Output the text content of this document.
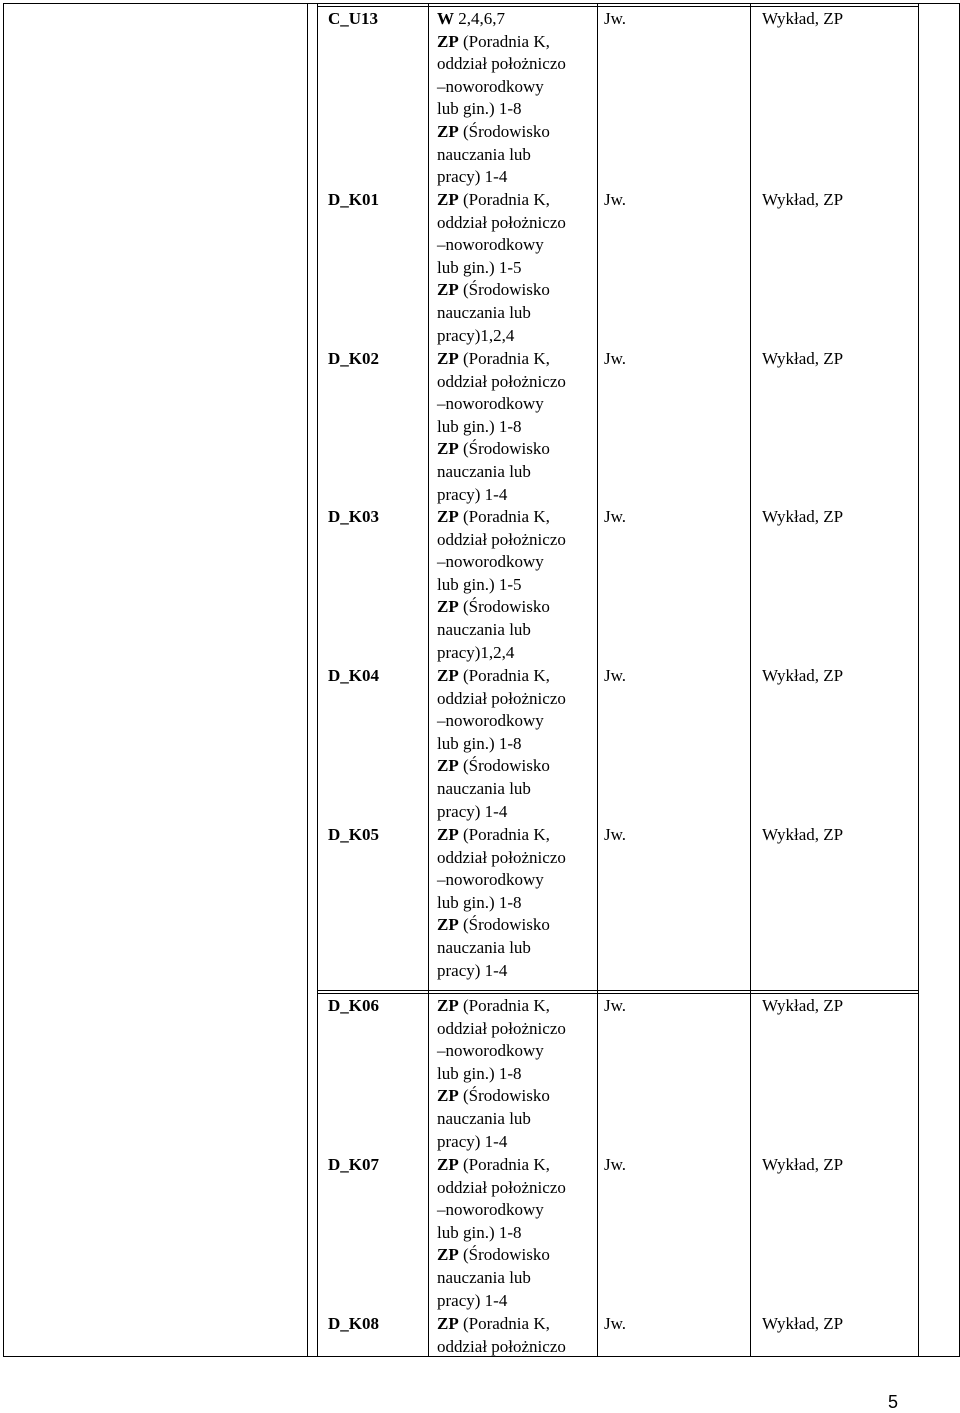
C_U13	W 2,4,6,7
ZP (Poradnia K,
oddział położniczo
–noworodkowy
lub gin.) 1-8
ZP (Środowisko
nauczania lub
pracy) 1-4
Jw.	Wykład, ZP
D_K01	ZP (Poradnia K,
oddział położniczo
–noworodkowy
lub gin.) 1-5
ZP (Środowisko
nauczania lub
pracy)1,2,4
Jw.	Wykład, ZP
D_K02	ZP (Poradnia K,
oddział położniczo
–noworodkowy
lub gin.) 1-8
ZP (Środowisko
nauczania lub
pracy) 1-4
Jw.	Wykład, ZP
D_K03	ZP (Poradnia K,
oddział położniczo
–noworodkowy
lub gin.) 1-5
ZP (Środowisko
nauczania lub
pracy)1,2,4
Jw.	Wykład, ZP
D_K04	ZP (Poradnia K,
oddział położniczo
–noworodkowy
lub gin.) 1-8
ZP (Środowisko
nauczania lub
pracy) 1-4
Jw.	Wykład, ZP
D_K05	ZP (Poradnia K,
oddział położniczo
–noworodkowy
lub gin.) 1-8
ZP (Środowisko
nauczania lub
pracy) 1-4
Jw.	Wykład, ZP
D_K06	ZP (Poradnia K,
oddział położniczo
–noworodkowy
lub gin.) 1-8
ZP (Środowisko
nauczania lub
pracy) 1-4
Jw.	Wykład, ZP
D_K07	ZP (Poradnia K,
oddział położniczo
–noworodkowy
lub gin.) 1-8
ZP (Środowisko
nauczania lub
pracy) 1-4
Jw.	Wykład, ZP
D_K08	ZP (Poradnia K,
oddział położniczo
Jw.	Wykład, ZP
5
